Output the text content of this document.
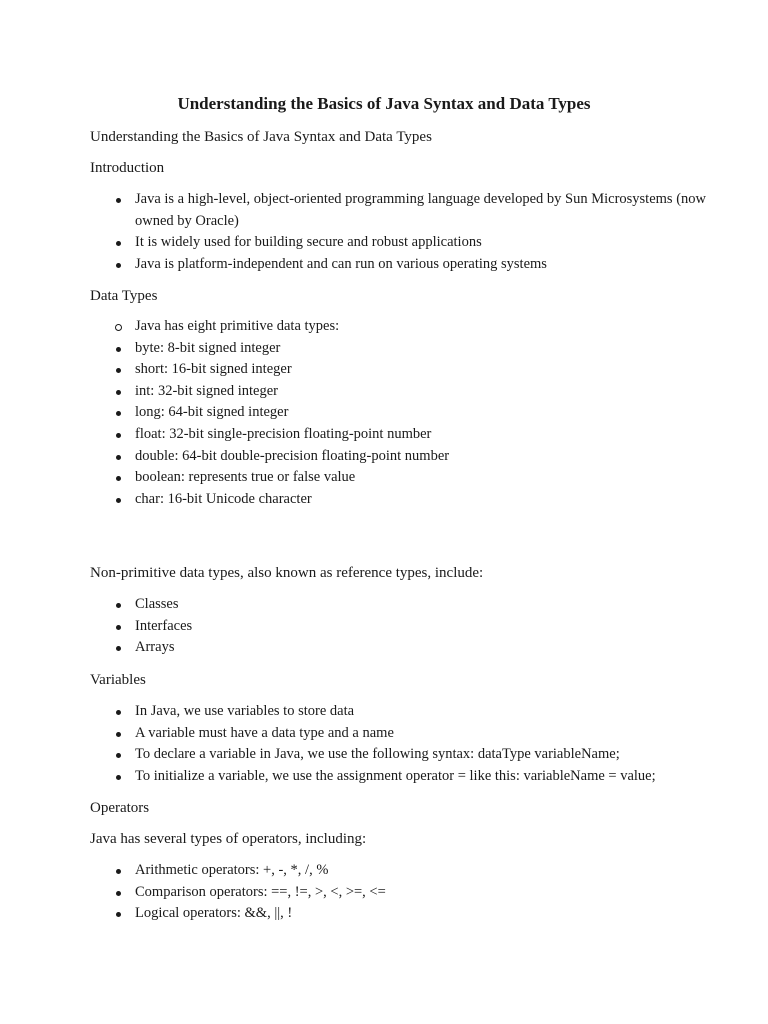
Understanding the Basics of Java Syntax and Data Types

Understanding the Basics of Java Syntax and Data Types

Introduction

Java is a high-level, object-oriented programming language developed by Sun Microsystems (now owned by Oracle)
It is widely used for building secure and robust applications
Java is platform-independent and can run on various operating systems

Data Types

Java has eight primitive data types:
byte: 8-bit signed integer
short: 16-bit signed integer
int: 32-bit signed integer
long: 64-bit signed integer
float: 32-bit single-precision floating-point number
double: 64-bit double-precision floating-point number
boolean: represents true or false value
char: 16-bit Unicode character

Non-primitive data types, also known as reference types, include:

Classes
Interfaces
Arrays

Variables

In Java, we use variables to store data
A variable must have a data type and a name
To declare a variable in Java, we use the following syntax: dataType variableName;
To initialize a variable, we use the assignment operator = like this: variableName = value;

Operators

Java has several types of operators, including:

Arithmetic operators: +, -, *, /, %
Comparison operators: ==, !=, >, <, >=, <=
Logical operators: &&, ||, !
